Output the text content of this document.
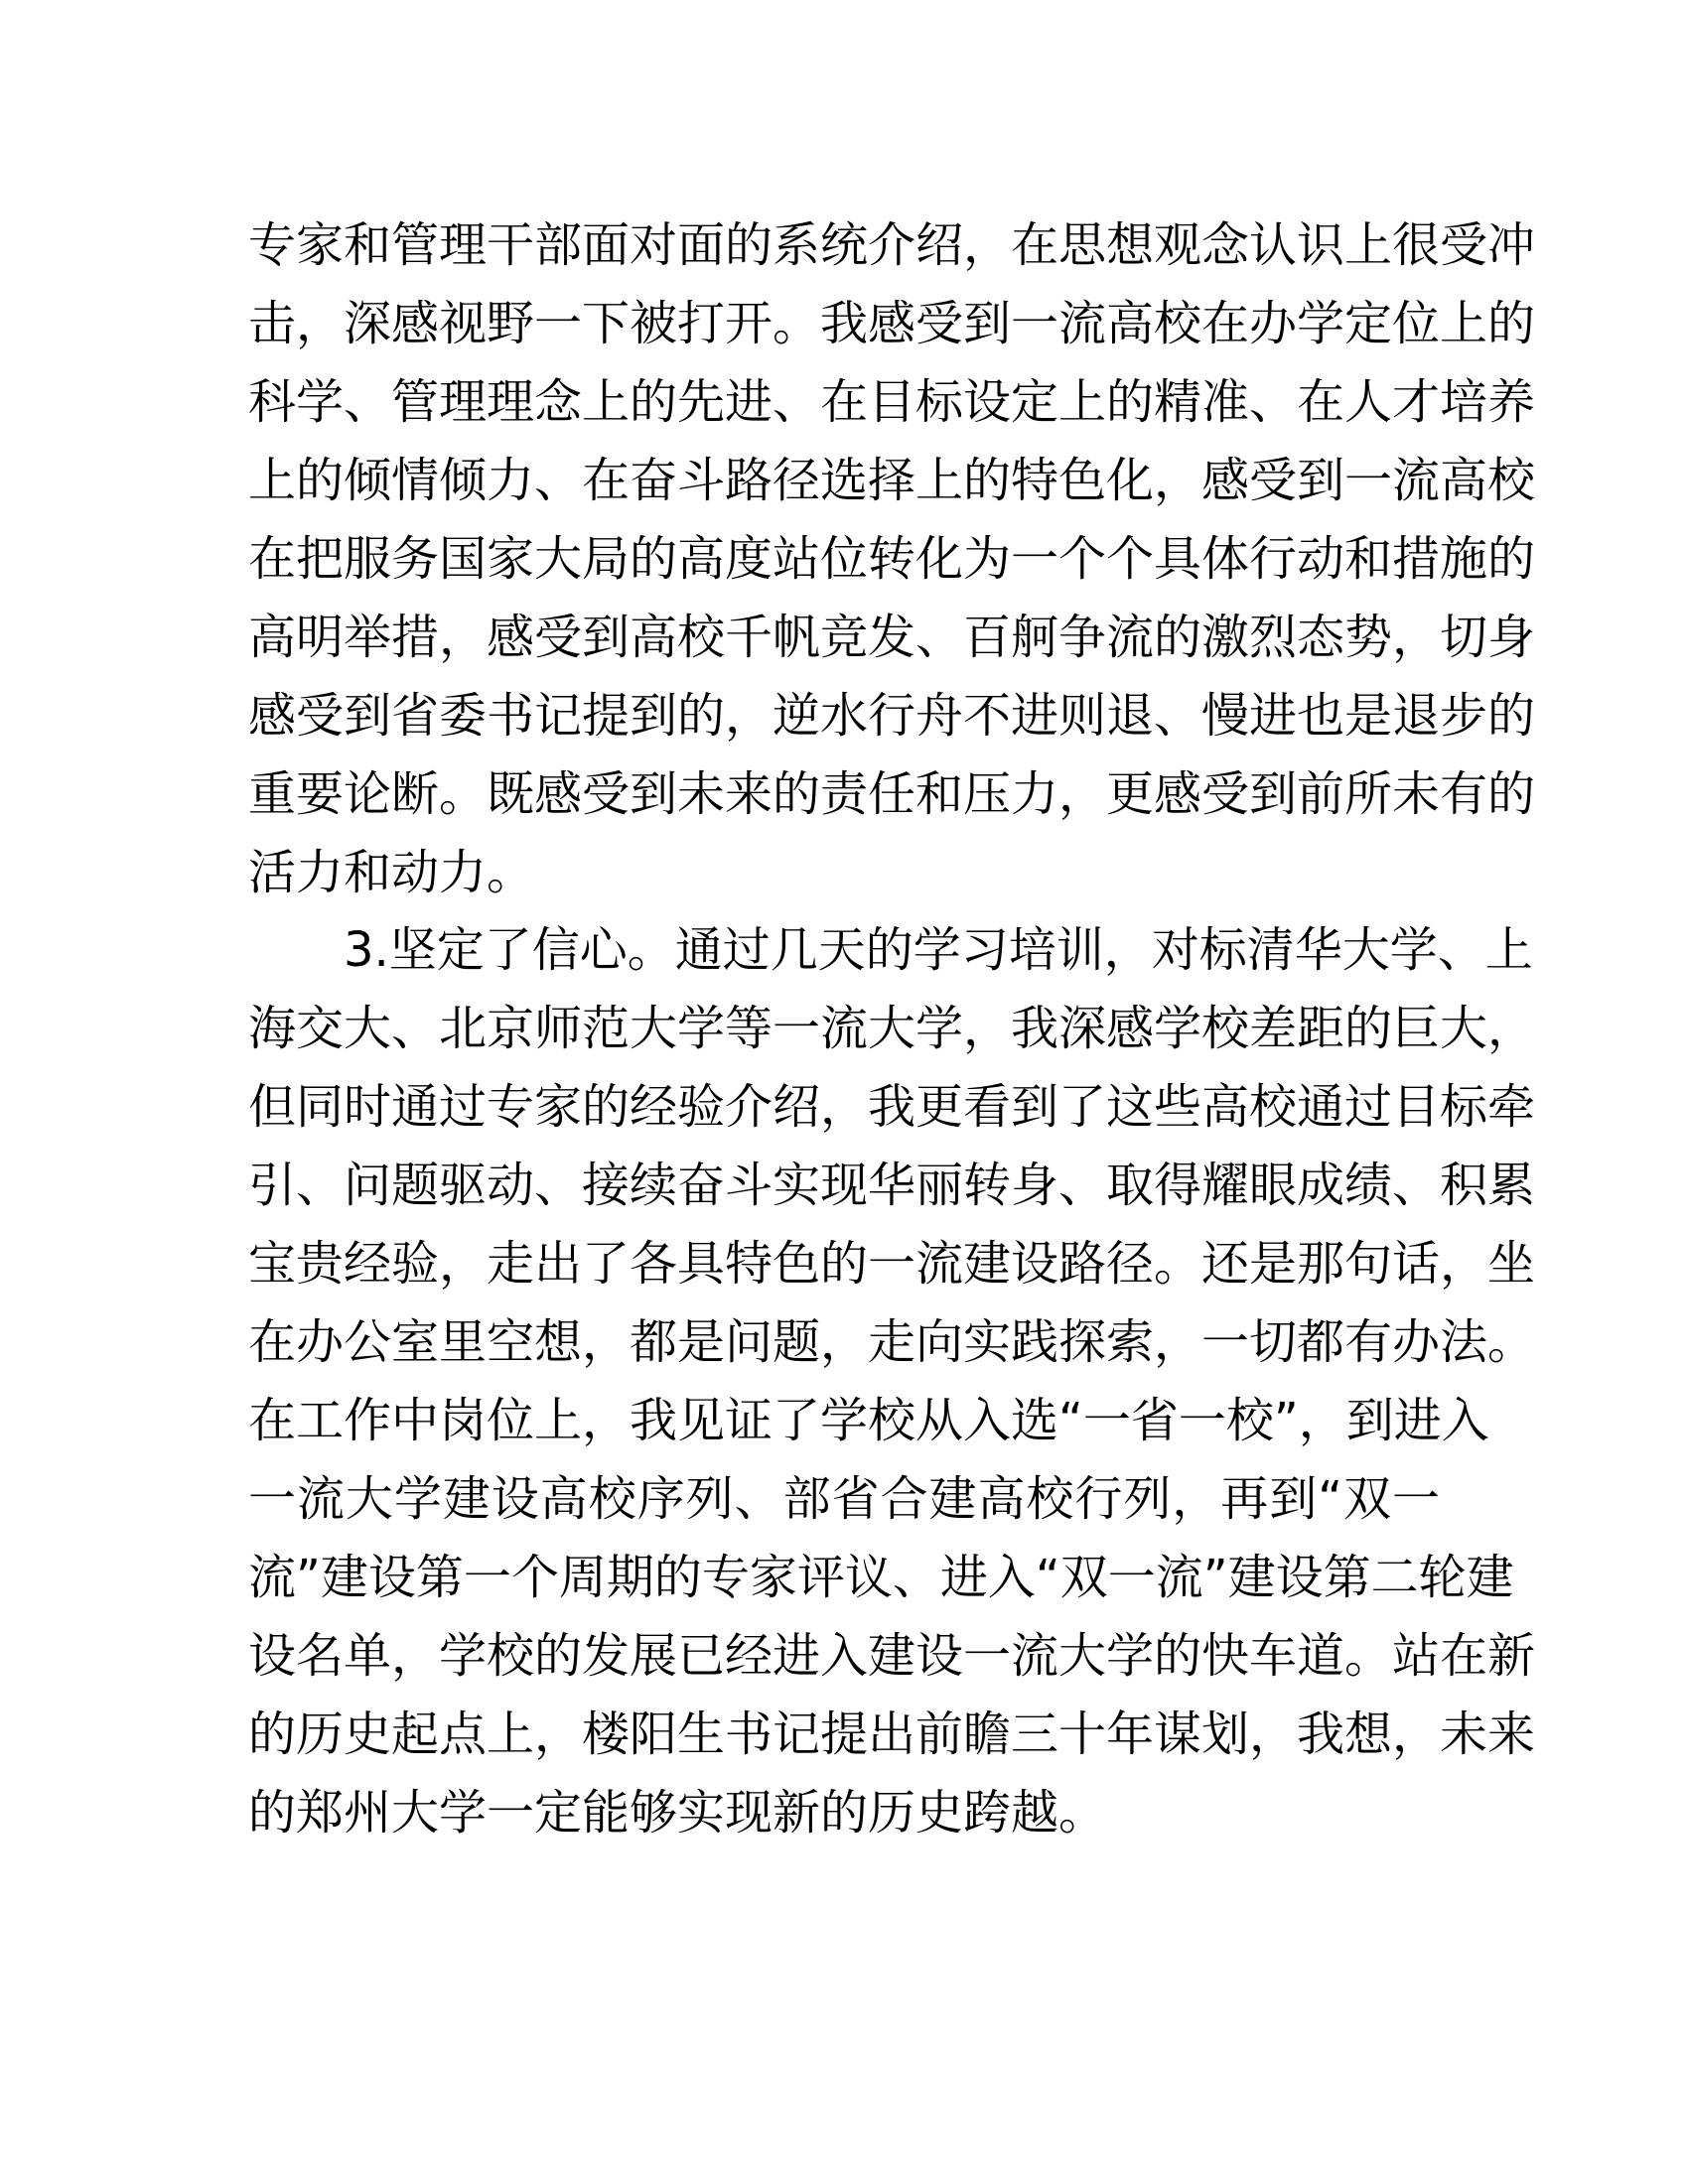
专家和管理干部面对面的系统介绍，在思想观念认识上很受冲
击，深感视野一下被打开。我感受到一流高校在办学定位上的
科学、管理理念上的先进、在目标设定上的精准、在人才培养
上的倾情倾力、在奋斗路径选择上的特色化，感受到一流高校
在把服务国家大局的高度站位转化为一个个具体行动和措施的
高明举措，感受到高校千帆竞发、百舸争流的激烈态势，切身
感受到省委书记提到的，逆水行舟不进则退、慢进也是退步的
重要论断。既感受到未来的责任和压力，更感受到前所未有的
活力和动力。
3.坚定了信心。通过几天的学习培训，对标清华大学、上
海交大、北京师范大学等一流大学，我深感学校差距的巨大，
但同时通过专家的经验介绍，我更看到了这些高校通过目标牵
引、问题驱动、接续奋斗实现华丽转身、取得耀眼成绩、积累
宝贵经验，走出了各具特色的一流建设路径。还是那句话，坐
在办公室里空想，都是问题，走向实践探索，一切都有办法。
在工作中岗位上，我见证了学校从入选“一省一校”，到进入
一流大学建设高校序列、部省合建高校行列，再到“双一
流”建设第一个周期的专家评议、进入“双一流”建设第二轮建
设名单，学校的发展已经进入建设一流大学的快车道。站在新
的历史起点上，楼阳生书记提出前瞻三十年谋划，我想，未来
的郑州大学一定能够实现新的历史跨越。
